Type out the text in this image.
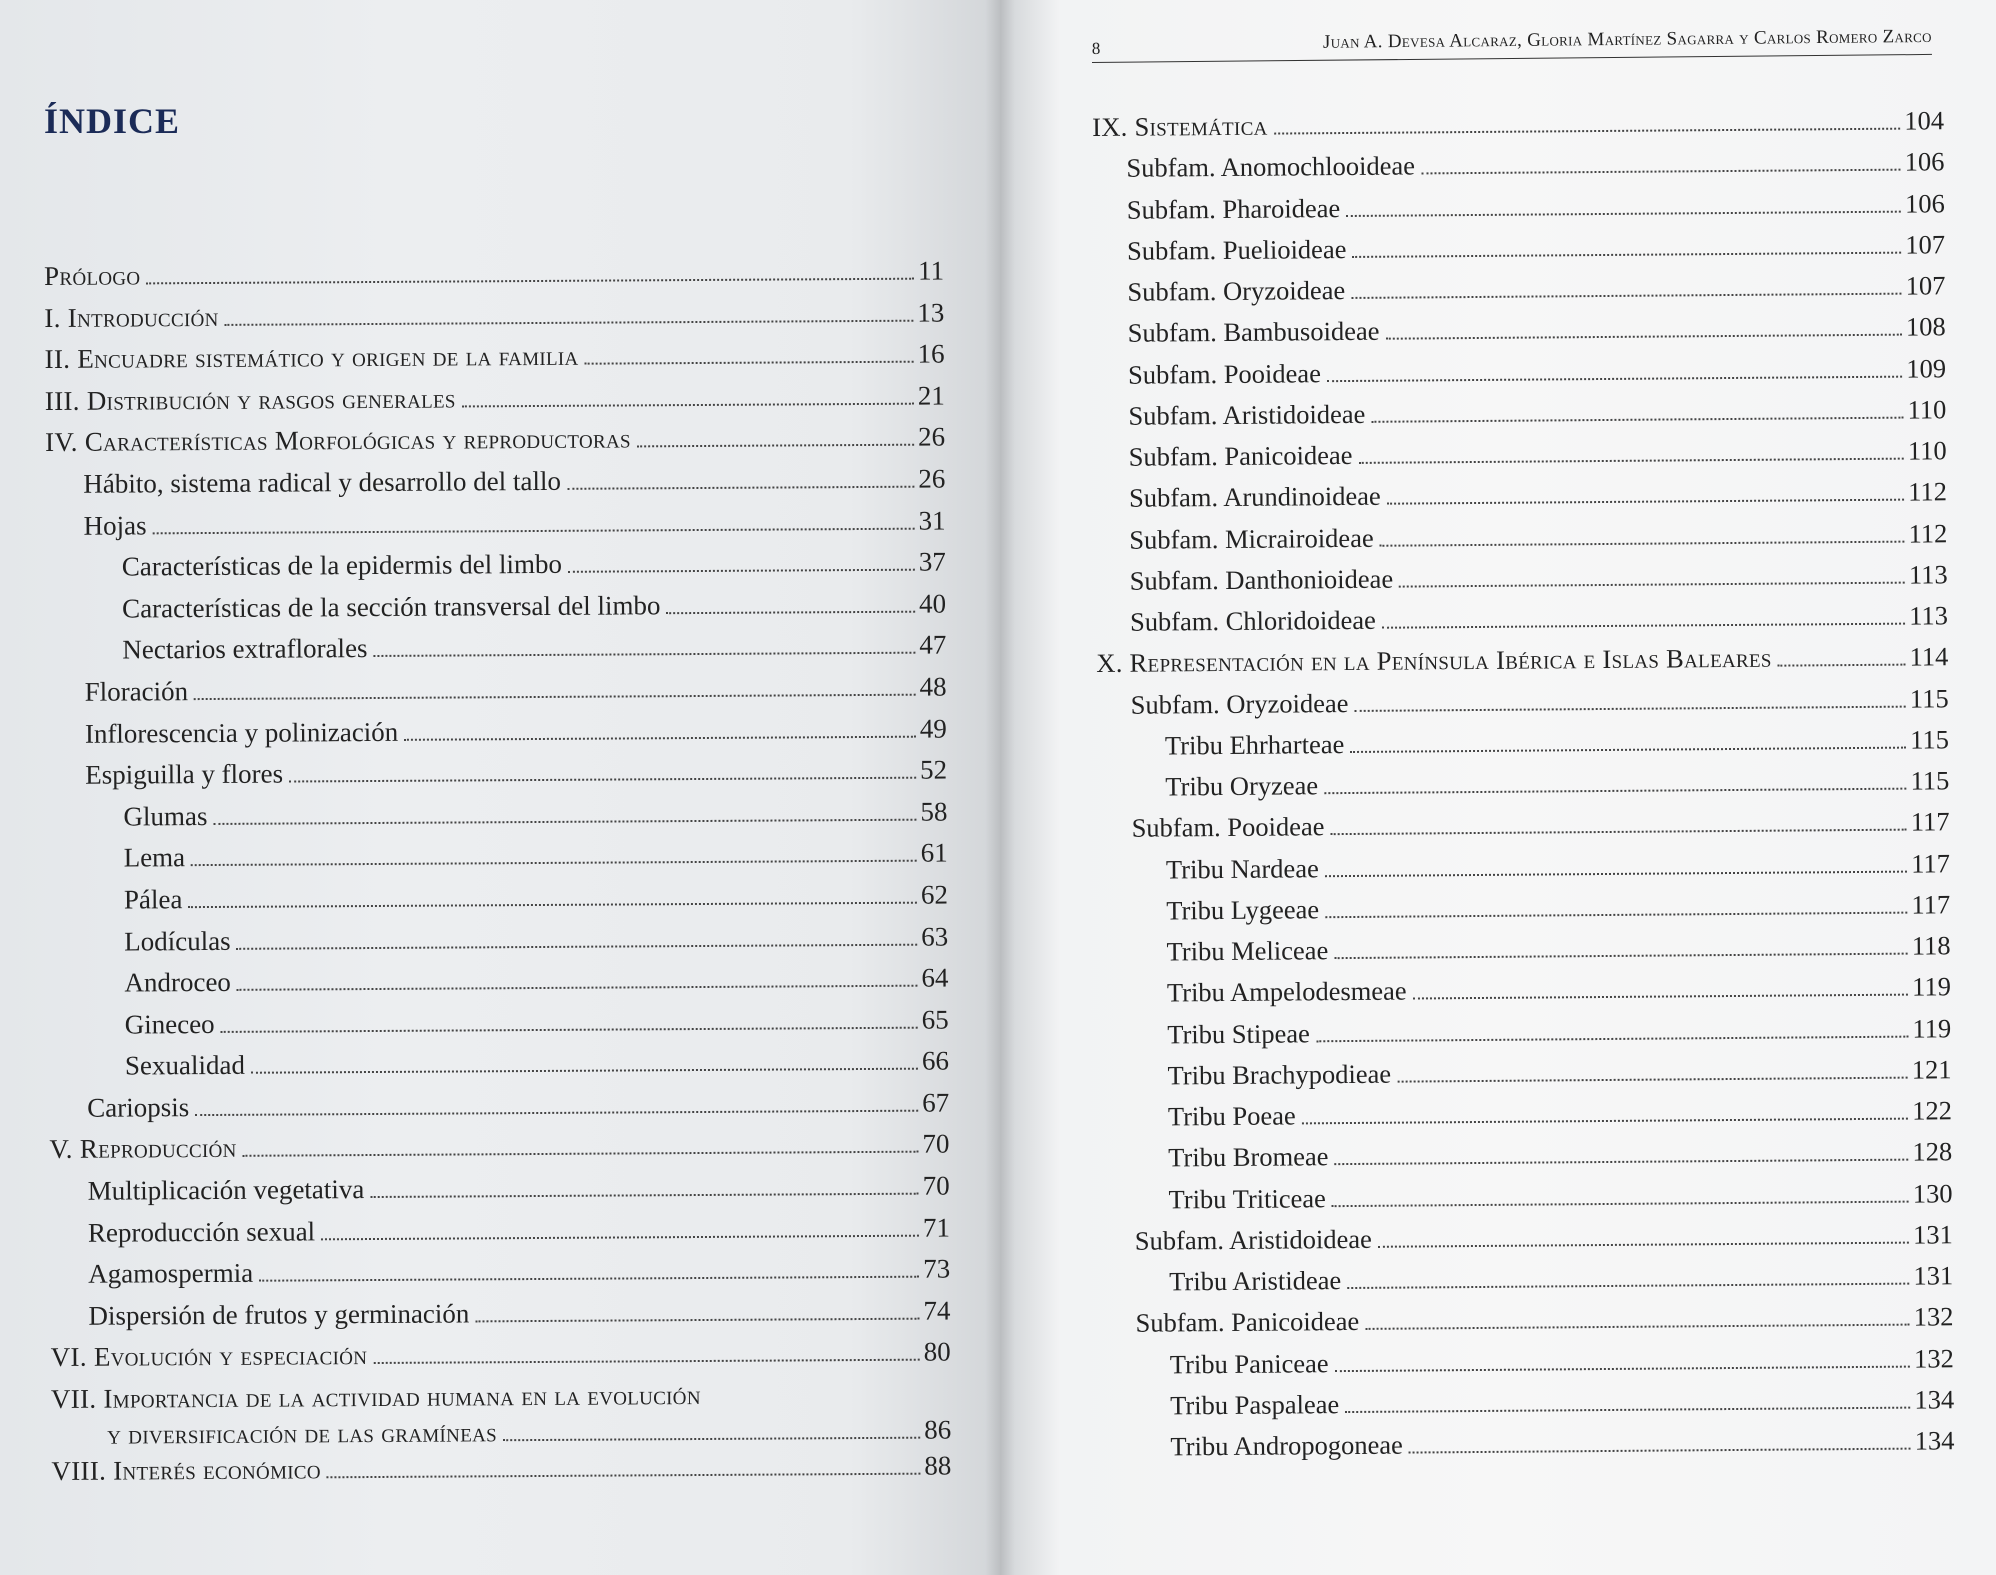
ÍNDICE
Prólogo	11
I. Introducción	13
II. Encuadre sistemático y origen de la familia	16
III. Distribución y rasgos generales	21
IV. Características Morfológicas y reproductoras	26
Hábito, sistema radical y desarrollo del tallo	26
Hojas	31
Características de la epidermis del limbo	37
Características de la sección transversal del limbo	40
Nectarios extraflorales	47
Floración	48
Inflorescencia y polinización	49
Espiguilla y flores	52
Glumas	58
Lema	61
Pálea	62
Lodículas	63
Androceo	64
Gineceo	65
Sexualidad	66
Cariopsis	67
V. Reproducción	70
Multiplicación vegetativa	70
Reproducción sexual	71
Agamospermia	73
Dispersión de frutos y germinación	74
VI. Evolución y especiación	80
VII. Importancia de la actividad humana en la evolución
y diversificación de las gramíneas	86
VIII. Interés económico	88
8	Juan A. Devesa Alcaraz, Gloria Martínez Sagarra y Carlos Romero Zarco
IX. Sistemática	104
Subfam. Anomochlooideae	106
Subfam. Pharoideae	106
Subfam. Puelioideae	107
Subfam. Oryzoideae	107
Subfam. Bambusoideae	108
Subfam. Pooideae	109
Subfam. Aristidoideae	110
Subfam. Panicoideae	110
Subfam. Arundinoideae	112
Subfam. Micrairoideae	112
Subfam. Danthonioideae	113
Subfam. Chloridoideae	113
X. Representación en la Península Ibérica e Islas Baleares	114
Subfam. Oryzoideae	115
Tribu Ehrharteae	115
Tribu Oryzeae	115
Subfam. Pooideae	117
Tribu Nardeae	117
Tribu Lygeeae	117
Tribu Meliceae	118
Tribu Ampelodesmeae	119
Tribu Stipeae	119
Tribu Brachypodieae	121
Tribu Poeae	122
Tribu Bromeae	128
Tribu Triticeae	130
Subfam. Aristidoideae	131
Tribu Aristideae	131
Subfam. Panicoideae	132
Tribu Paniceae	132
Tribu Paspaleae	134
Tribu Andropogoneae	134
